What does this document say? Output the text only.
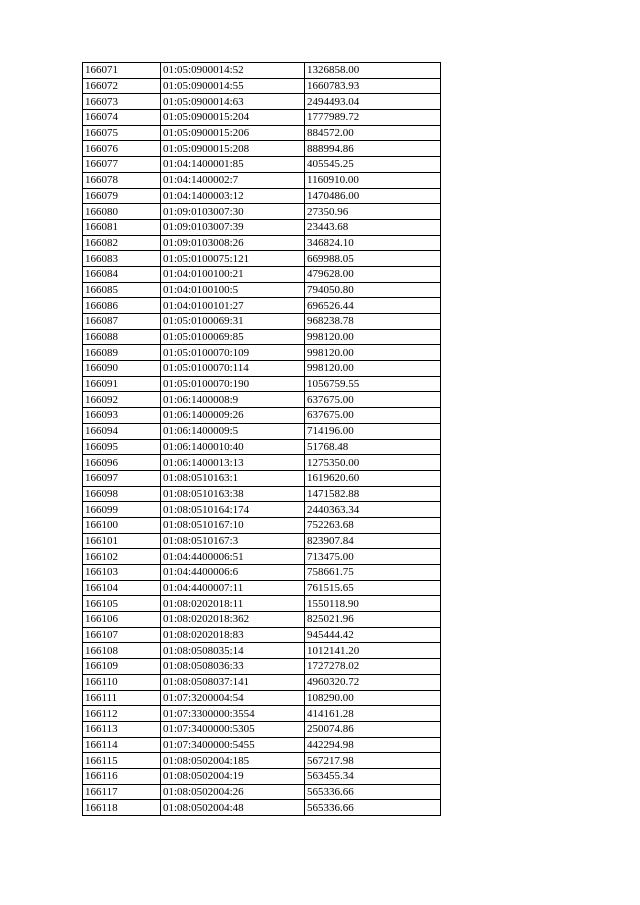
166071	01:05:0900014:52	1326858.00
166072	01:05:0900014:55	1660783.93
166073	01:05:0900014:63	2494493.04
166074	01:05:0900015:204	1777989.72
166075	01:05:0900015:206	884572.00
166076	01:05:0900015:208	888994.86
166077	01:04:1400001:85	405545.25
166078	01:04:1400002:7	1160910.00
166079	01:04:1400003:12	1470486.00
166080	01:09:0103007:30	27350.96
166081	01:09:0103007:39	23443.68
166082	01:09:0103008:26	346824.10
166083	01:05:0100075:121	669988.05
166084	01:04:0100100:21	479628.00
166085	01:04:0100100:5	794050.80
166086	01:04:0100101:27	696526.44
166087	01:05:0100069:31	968238.78
166088	01:05:0100069:85	998120.00
166089	01:05:0100070:109	998120.00
166090	01:05:0100070:114	998120.00
166091	01:05:0100070:190	1056759.55
166092	01:06:1400008:9	637675.00
166093	01:06:1400009:26	637675.00
166094	01:06:1400009:5	714196.00
166095	01:06:1400010:40	51768.48
166096	01:06:1400013:13	1275350.00
166097	01:08:0510163:1	1619620.60
166098	01:08:0510163:38	1471582.88
166099	01:08:0510164:174	2440363.34
166100	01:08:0510167:10	752263.68
166101	01:08:0510167:3	823907.84
166102	01:04:4400006:51	713475.00
166103	01:04:4400006:6	758661.75
166104	01:04:4400007:11	761515.65
166105	01:08:0202018:11	1550118.90
166106	01:08:0202018:362	825021.96
166107	01:08:0202018:83	945444.42
166108	01:08:0508035:14	1012141.20
166109	01:08:0508036:33	1727278.02
166110	01:08:0508037:141	4960320.72
166111	01:07:3200004:54	108290.00
166112	01:07:3300000:3554	414161.28
166113	01:07:3400000:5305	250074.86
166114	01:07:3400000:5455	442294.98
166115	01:08:0502004:185	567217.98
166116	01:08:0502004:19	563455.34
166117	01:08:0502004:26	565336.66
166118	01:08:0502004:48	565336.66
